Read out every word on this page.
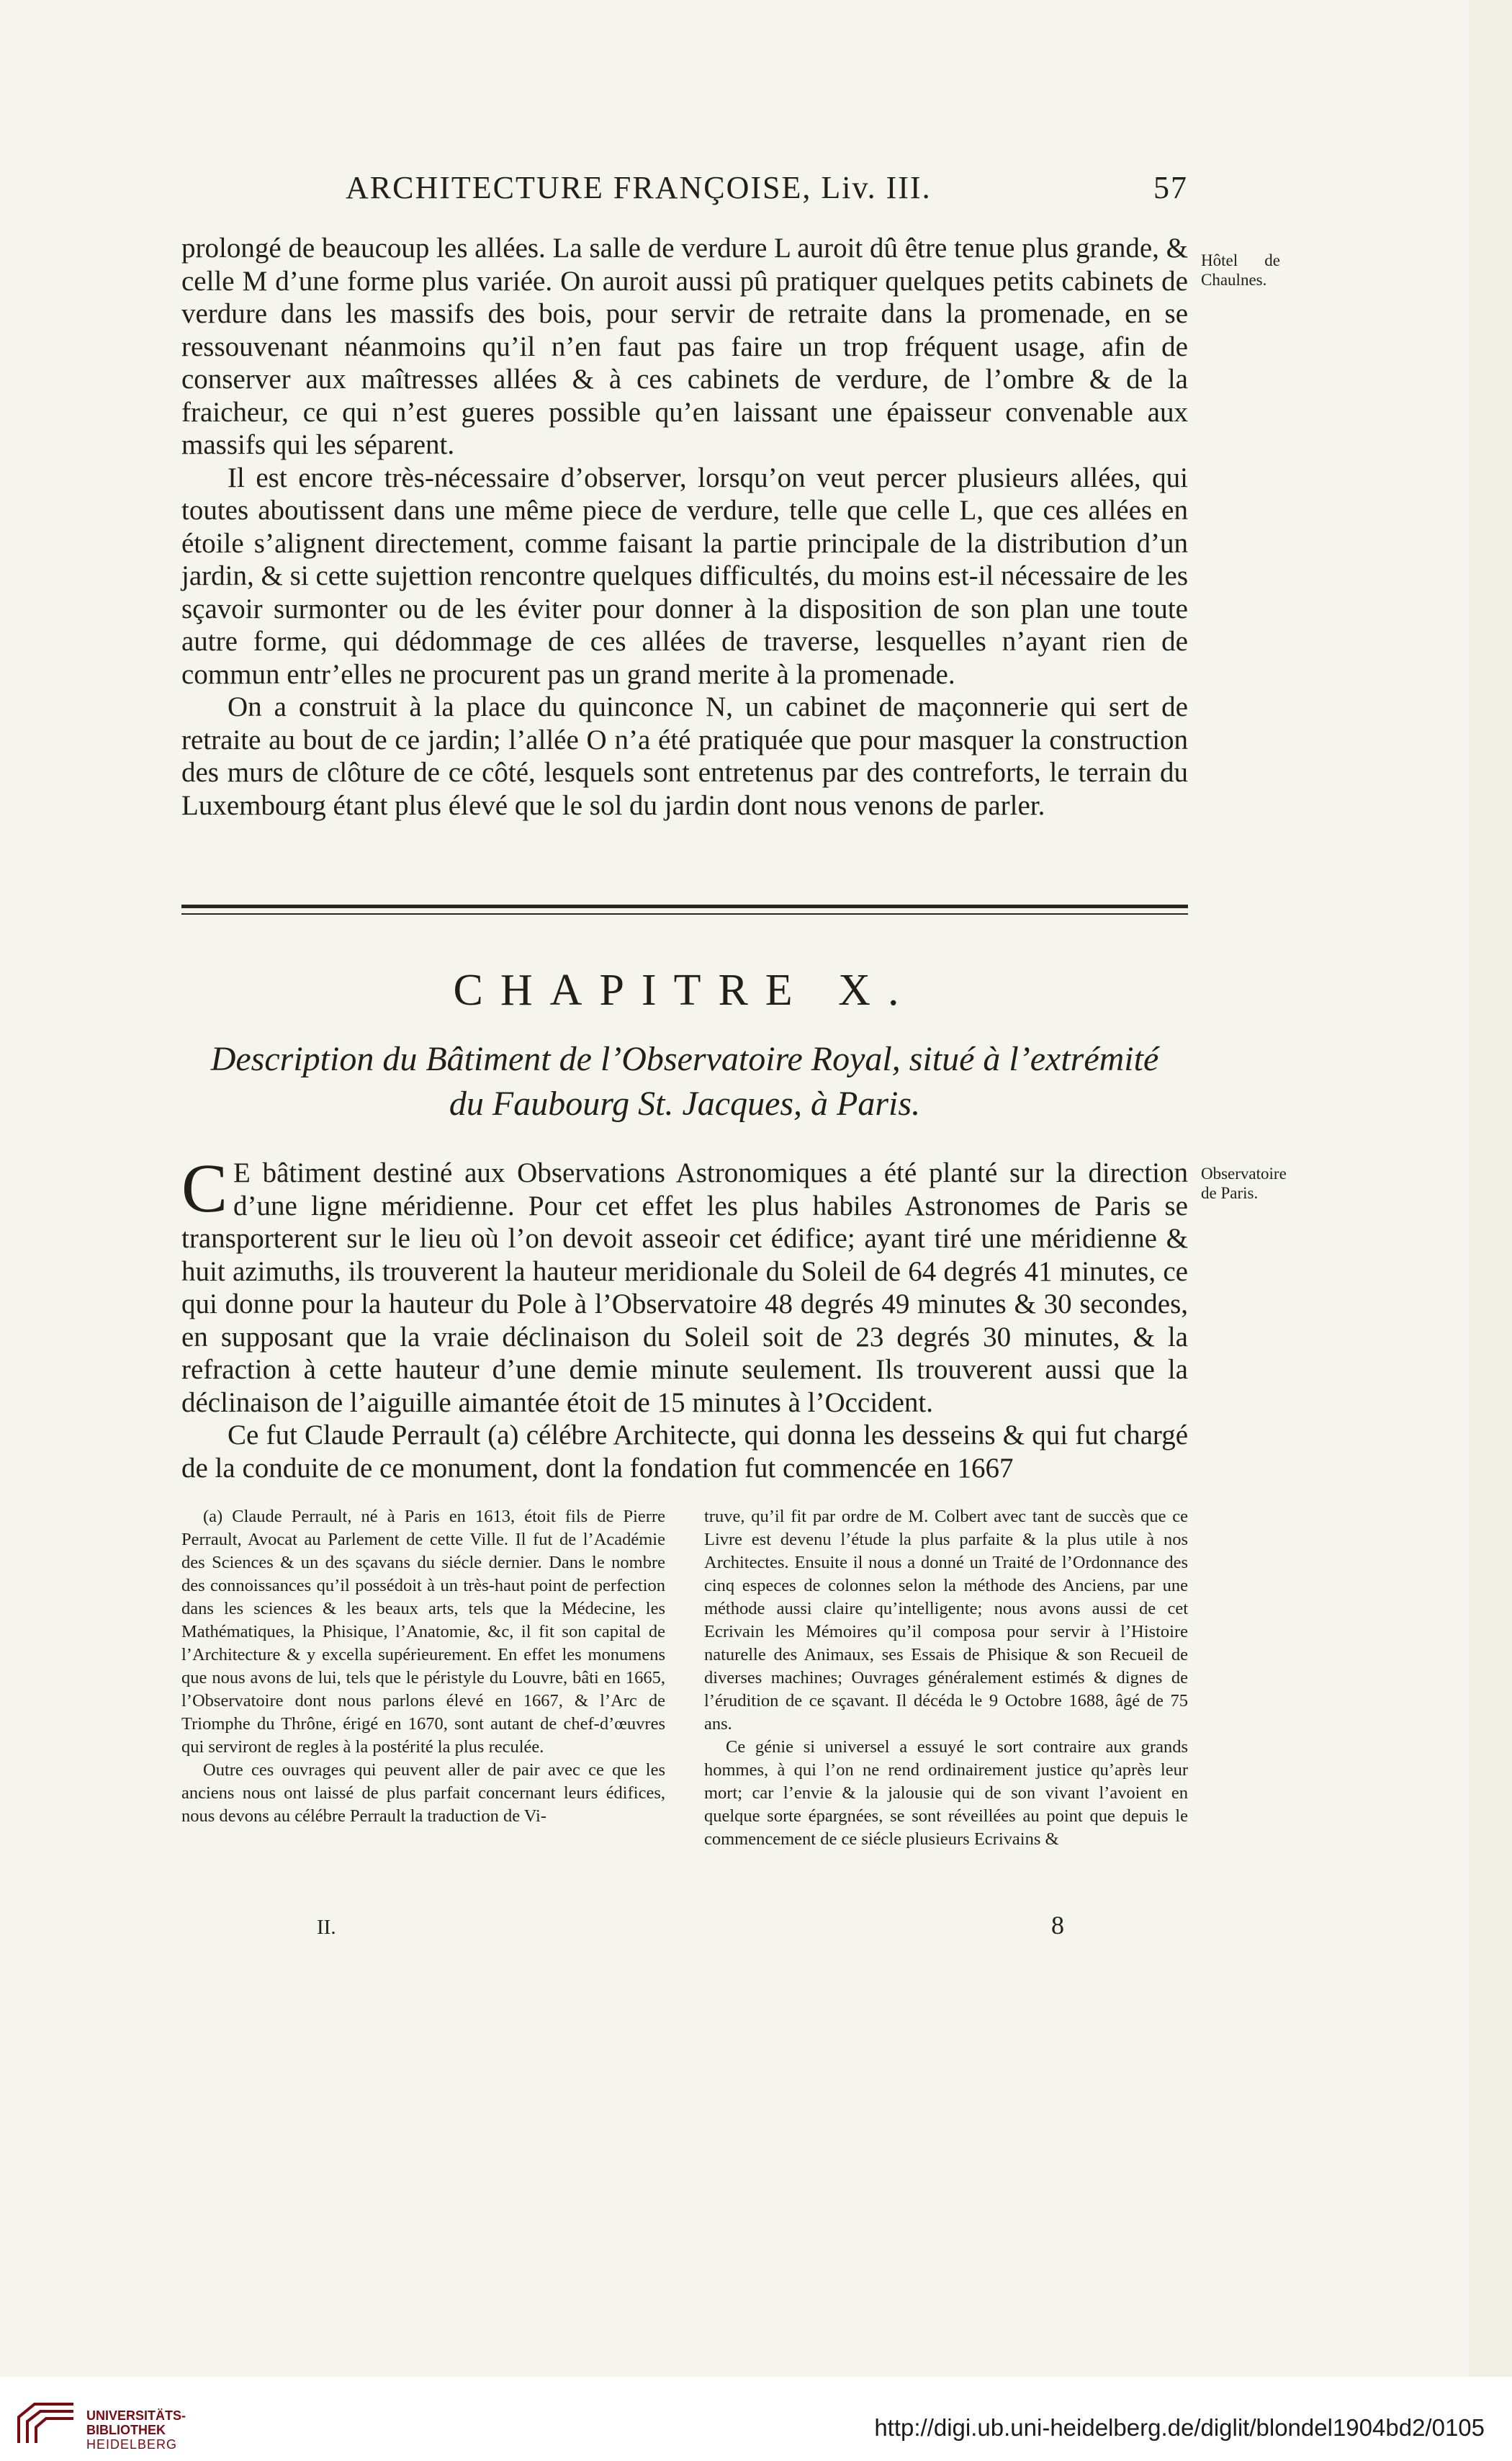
ARCHITECTURE FRANÇOISE, Liv. III.	57

prolongé de beaucoup les allées. La salle de verdure L auroit dû être tenue plus grande, & celle M d’une forme plus variée. On auroit aussi pû pratiquer quelques petits cabinets de verdure dans les massifs des bois, pour servir de retraite dans la promenade, en se ressouvenant néanmoins qu’il n’en faut pas faire un trop fréquent usage, afin de conserver aux maîtresses allées & à ces cabinets de verdure, de l’ombre & de la fraicheur, ce qui n’est gueres possible qu’en laissant une épaisseur convenable aux massifs qui les séparent.

Il est encore très-nécessaire d’observer, lorsqu’on veut percer plusieurs allées, qui toutes aboutissent dans une même piece de verdure, telle que celle L, que ces allées en étoile s’alignent directement, comme faisant la partie principale de la distribution d’un jardin, & si cette sujettion rencontre quelques difficultés, du moins est-il nécessaire de les sçavoir surmonter ou de les éviter pour donner à la disposition de son plan une toute autre forme, qui dédommage de ces allées de traverse, lesquelles n’ayant rien de commun entr’elles ne procurent pas un grand merite à la promenade.

On a construit à la place du quinconce N, un cabinet de maçonnerie qui sert de retraite au bout de ce jardin; l’allée O n’a été pratiquée que pour masquer la construction des murs de clôture de ce côté, lesquels sont entretenus par des contreforts, le terrain du Luxembourg étant plus élevé que le sol du jardin dont nous venons de parler.

Hôtel de Chaulnes.
CHAPITRE X.
Description du Bâtiment de l’Observatoire Royal, situé à l’extrémité
du Faubourg St. Jacques, à Paris.

C E bâtiment destiné aux Observations Astronomiques a été planté sur la direction d’une ligne méridienne. Pour cet effet les plus habiles Astronomes de Paris se transporterent sur le lieu où l’on devoit asseoir cet édifice; ayant tiré une méridienne & huit azimuths, ils trouverent la hauteur meridionale du Soleil de 64 degrés 41 minutes, ce qui donne pour la hauteur du Pole à l’Observatoire 48 degrés 49 minutes & 30 secondes, en supposant que la vraie déclinaison du Soleil soit de 23 degrés 30 minutes, & la refraction à cette hauteur d’une demie minute seulement. Ils trouverent aussi que la déclinaison de l’aiguille aimantée étoit de 15 minutes à l’Occident.

Ce fut Claude Perrault (a) célébre Architecte, qui donna les desseins & qui fut chargé de la conduite de ce monument, dont la fondation fut commencée en 1667

Observatoire de Paris.

(a) Claude Perrault, né à Paris en 1613, étoit fils de Pierre Perrault, Avocat au Parlement de cette Ville. Il fut de l’Académie des Sciences & un des sçavans du siécle dernier. Dans le nombre des connoissances qu’il possédoit à un très-haut point de perfection dans les sciences & les beaux arts, tels que la Médecine, les Mathématiques, la Phisique, l’Anatomie, &c, il fit son capital de l’Architecture & y excella supérieurement. En effet les monumens que nous avons de lui, tels que le péristyle du Louvre, bâti en 1665, l’Observatoire dont nous parlons élevé en 1667, & l’Arc de Triomphe du Thrône, érigé en 1670, sont autant de chef-d’œuvres qui serviront de regles à la postérité la plus reculée.

Outre ces ouvrages qui peuvent aller de pair avec ce que les anciens nous ont laissé de plus parfait concernant leurs édifices, nous devons au célébre Perrault la traduction de Vi-

truve, qu’il fit par ordre de M. Colbert avec tant de succès que ce Livre est devenu l’étude la plus parfaite & la plus utile à nos Architectes. Ensuite il nous a donné un Traité de l’Ordonnance des cinq especes de colonnes selon la méthode des Anciens, par une méthode aussi claire qu’intelligente; nous avons aussi de cet Ecrivain les Mémoires qu’il composa pour servir à l’Histoire naturelle des Animaux, ses Essais de Phisique & son Recueil de diverses machines; Ouvrages généralement estimés & dignes de l’érudition de ce sçavant. Il décéda le 9 Octobre 1688, âgé de 75 ans.

Ce génie si universel a essuyé le sort contraire aux grands hommes, à qui l’on ne rend ordinairement justice qu’après leur mort; car l’envie & la jalousie qui de son vivant l’avoient en quelque sorte épargnées, se sont réveillées au point que depuis le commencement de ce siécle plusieurs Ecrivains &

II.	8
UNIVERSITÄTS-
BIBLIOTHEK
HEIDELBERG
http://digi.ub.uni-heidelberg.de/diglit/blondel1904bd2/0105
